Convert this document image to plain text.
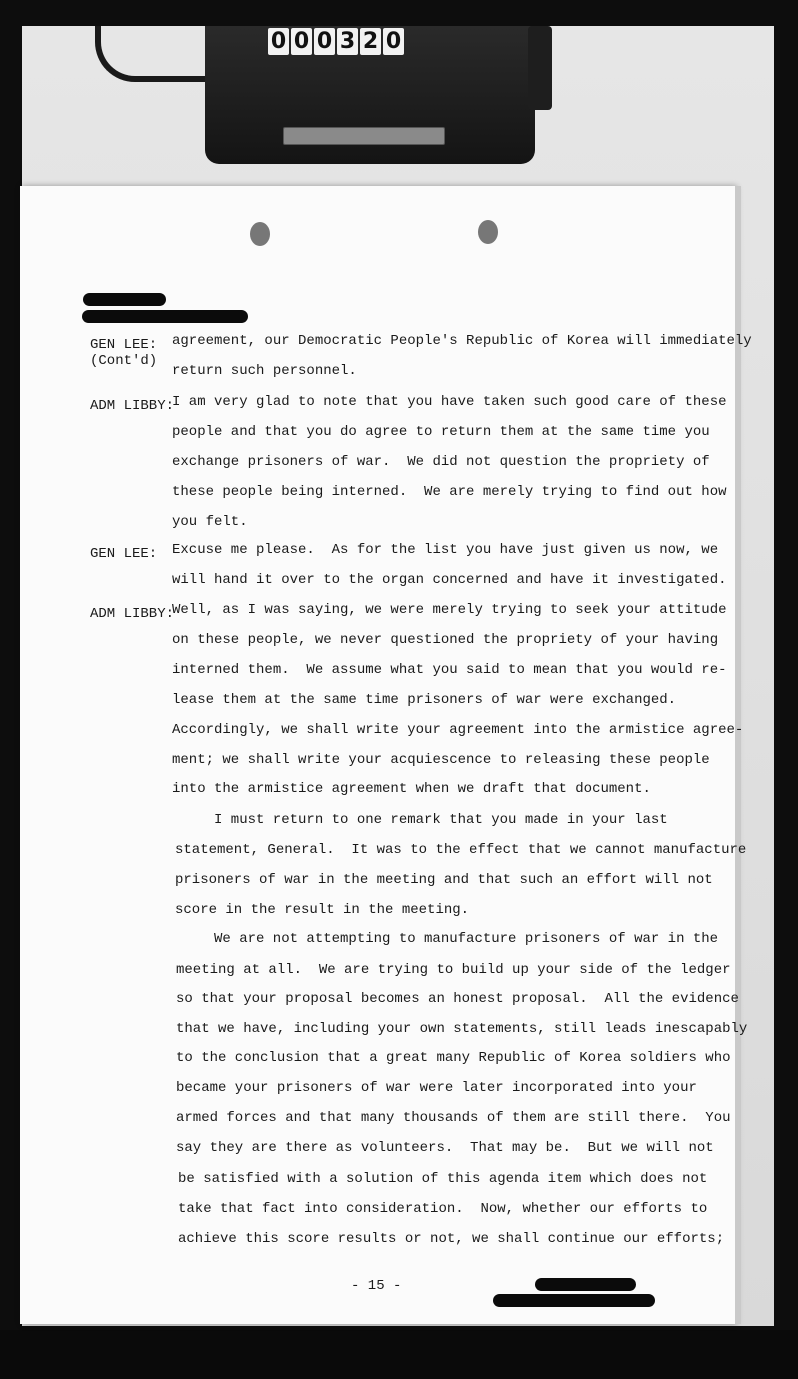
0 0 0 3 2 0
GEN LEE:
(Cont'd)
ADM LIBBY:
GEN LEE:
ADM LIBBY:
agreement, our Democratic People's Republic of Korea will immediately
return such personnel.
I am very glad to note that you have taken such good care of these
people and that you do agree to return them at the same time you
exchange prisoners of war.  We did not question the propriety of
these people being interned.  We are merely trying to find out how
you felt.
Excuse me please.  As for the list you have just given us now, we
will hand it over to the organ concerned and have it investigated.
Well, as I was saying, we were merely trying to seek your attitude
on these people, we never questioned the propriety of your having
interned them.  We assume what you said to mean that you would re-
lease them at the same time prisoners of war were exchanged.
Accordingly, we shall write your agreement into the armistice agree-
ment; we shall write your acquiescence to releasing these people
into the armistice agreement when we draft that document.
I must return to one remark that you made in your last
statement, General.  It was to the effect that we cannot manufacture
prisoners of war in the meeting and that such an effort will not
score in the result in the meeting.
We are not attempting to manufacture prisoners of war in the
meeting at all.  We are trying to build up your side of the ledger
so that your proposal becomes an honest proposal.  All the evidence
that we have, including your own statements, still leads inescapably
to the conclusion that a great many Republic of Korea soldiers who
became your prisoners of war were later incorporated into your
armed forces and that many thousands of them are still there.  You
say they are there as volunteers.  That may be.  But we will not
be satisfied with a solution of this agenda item which does not
take that fact into consideration.  Now, whether our efforts to
achieve this score results or not, we shall continue our efforts;
- 15 -
